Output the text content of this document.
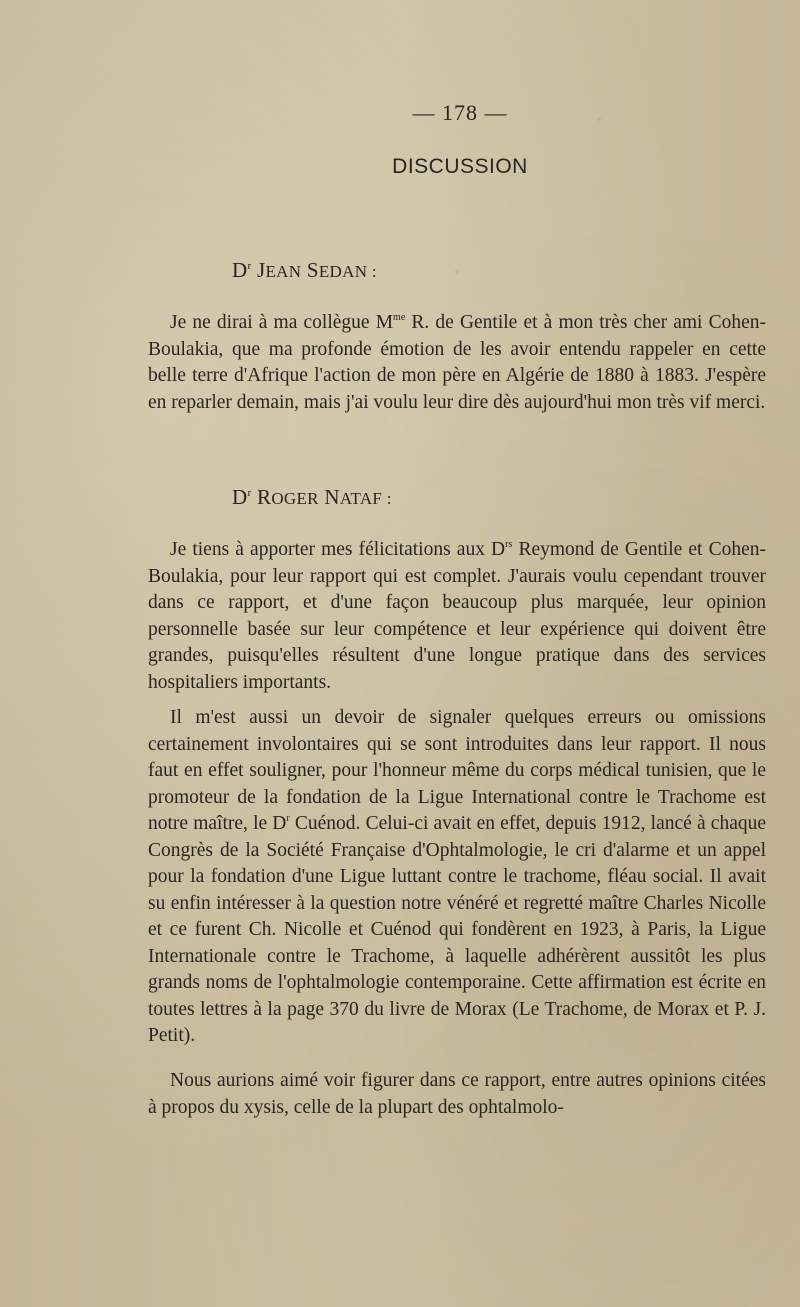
— 178 —
DISCUSSION
$D^r$ JEAN SEDAN :

Je ne dirai à ma collègue $M^{me}$ R. de Gentile et à mon très cher ami Cohen-Boulakia, que ma profonde émotion de les avoir entendu rappeler en cette belle terre d'Afrique l'action de mon père en Algérie de 1880 à 1883. J'espère en reparler demain, mais j'ai voulu leur dire dès aujourd'hui mon très vif merci.

$D^r$ ROGER NATAF :

Je tiens à apporter mes félicitations aux $D^{rs}$ Reymond de Gentile et Cohen-Boulakia, pour leur rapport qui est complet. J'aurais voulu cependant trouver dans ce rapport, et d'une façon beaucoup plus marquée, leur opinion personnelle basée sur leur compétence et leur expérience qui doivent être grandes, puisqu'elles résultent d'une longue pratique dans des services hospitaliers importants.

Il m'est aussi un devoir de signaler quelques erreurs ou omissions certainement involontaires qui se sont introduites dans leur rapport. Il nous faut en effet souligner, pour l'honneur même du corps médical tunisien, que le promoteur de la fondation de la Ligue International contre le Trachome est notre maître, le $D^r$ Cuénod. Celui-ci avait en effet, depuis 1912, lancé à chaque Congrès de la Société Française d'Ophtalmologie, le cri d'alarme et un appel pour la fondation d'une Ligue luttant contre le trachome, fléau social. Il avait su enfin intéresser à la question notre vénéré et regretté maître Charles Nicolle et ce furent Ch. Nicolle et Cuénod qui fondèrent en 1923, à Paris, la Ligue Internationale contre le Trachome, à laquelle adhérèrent aussitôt les plus grands noms de l'ophtalmologie contemporaine. Cette affirmation est écrite en toutes lettres à la page 370 du livre de Morax (Le Trachome, de Morax et P. J. Petit).

Nous aurions aimé voir figurer dans ce rapport, entre autres opinions citées à propos du xysis, celle de la plupart des ophtalmolo-
